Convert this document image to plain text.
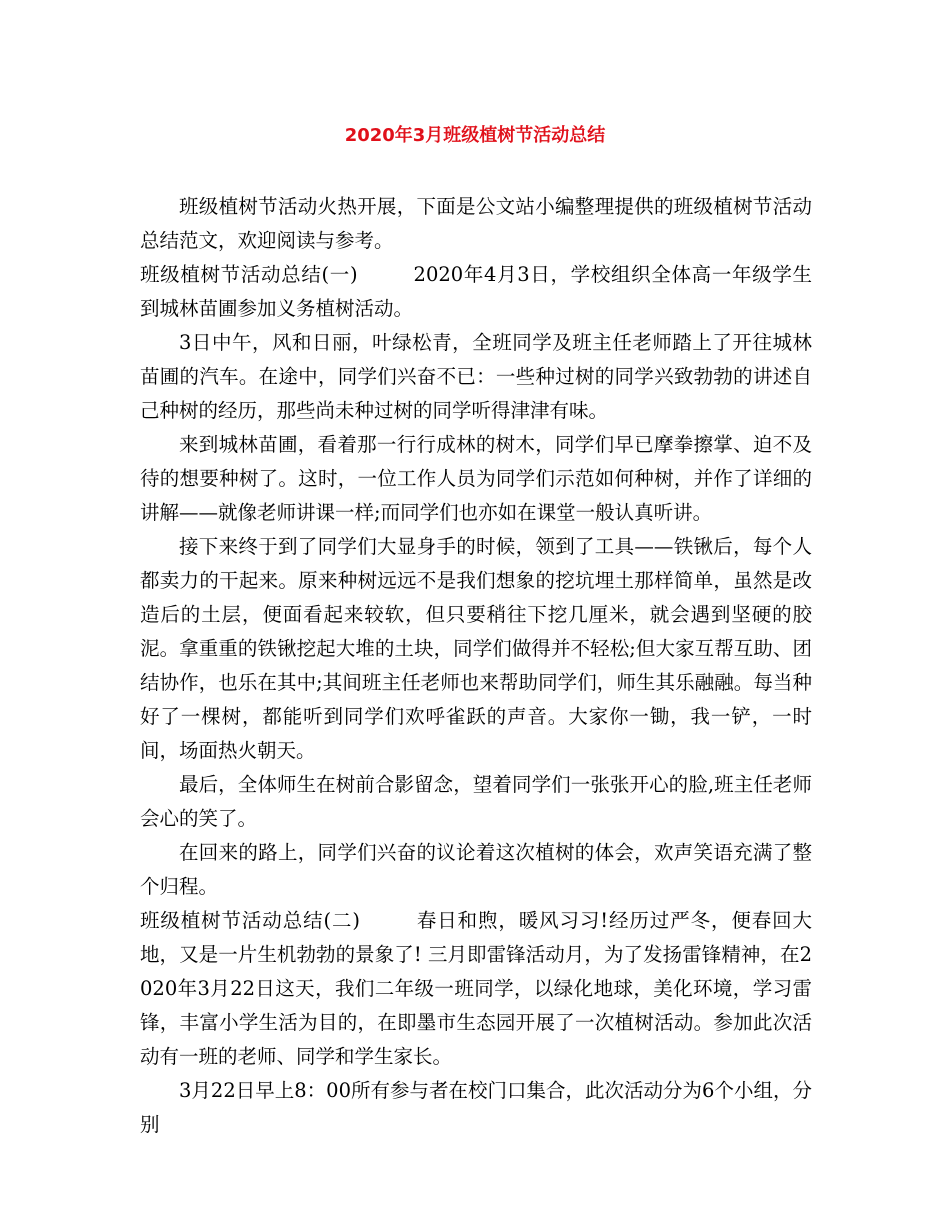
2020年3月班级植树节活动总结

班级植树节活动火热开展，下面是公文站小编整理提供的班级植树节活动总结范文，欢迎阅读与参考。

班级植树节活动总结(一)	2020年4月3日，学校组织全体高一年级学生到城林苗圃参加义务植树活动。

3日中午，风和日丽，叶绿松青，全班同学及班主任老师踏上了开往城林苗圃的汽车。在途中，同学们兴奋不已：一些种过树的同学兴致勃勃的讲述自己种树的经历，那些尚未种过树的同学听得津津有味。

来到城林苗圃，看着那一行行成林的树木，同学们早已摩拳擦掌、迫不及待的想要种树了。这时，一位工作人员为同学们示范如何种树，并作了详细的讲解——就像老师讲课一样;而同学们也亦如在课堂一般认真听讲。

接下来终于到了同学们大显身手的时候，领到了工具——铁锹后，每个人都卖力的干起来。原来种树远远不是我们想象的挖坑埋土那样简单，虽然是改造后的土层，便面看起来较软，但只要稍往下挖几厘米，就会遇到坚硬的胶泥。拿重重的铁锹挖起大堆的土块，同学们做得并不轻松;但大家互帮互助、团结协作，也乐在其中;其间班主任老师也来帮助同学们，师生其乐融融。每当种好了一棵树，都能听到同学们欢呼雀跃的声音。大家你一锄，我一铲，一时间，场面热火朝天。

最后，全体师生在树前合影留念，望着同学们一张张开心的脸,班主任老师会心的笑了。

在回来的路上，同学们兴奋的议论着这次植树的体会，欢声笑语充满了整个归程。

班级植树节活动总结(二)	春日和煦，暖风习习!经历过严冬，便春回大地，又是一片生机勃勃的景象了! 三月即雷锋活动月，为了发扬雷锋精神，在2020年3月22日这天，我们二年级一班同学，以绿化地球，美化环境，学习雷锋，丰富小学生活为目的，在即墨市生态园开展了一次植树活动。参加此次活动有一班的老师、同学和学生家长。

3月22日早上8：00所有参与者在校门口集合，此次活动分为6个小组，分别
